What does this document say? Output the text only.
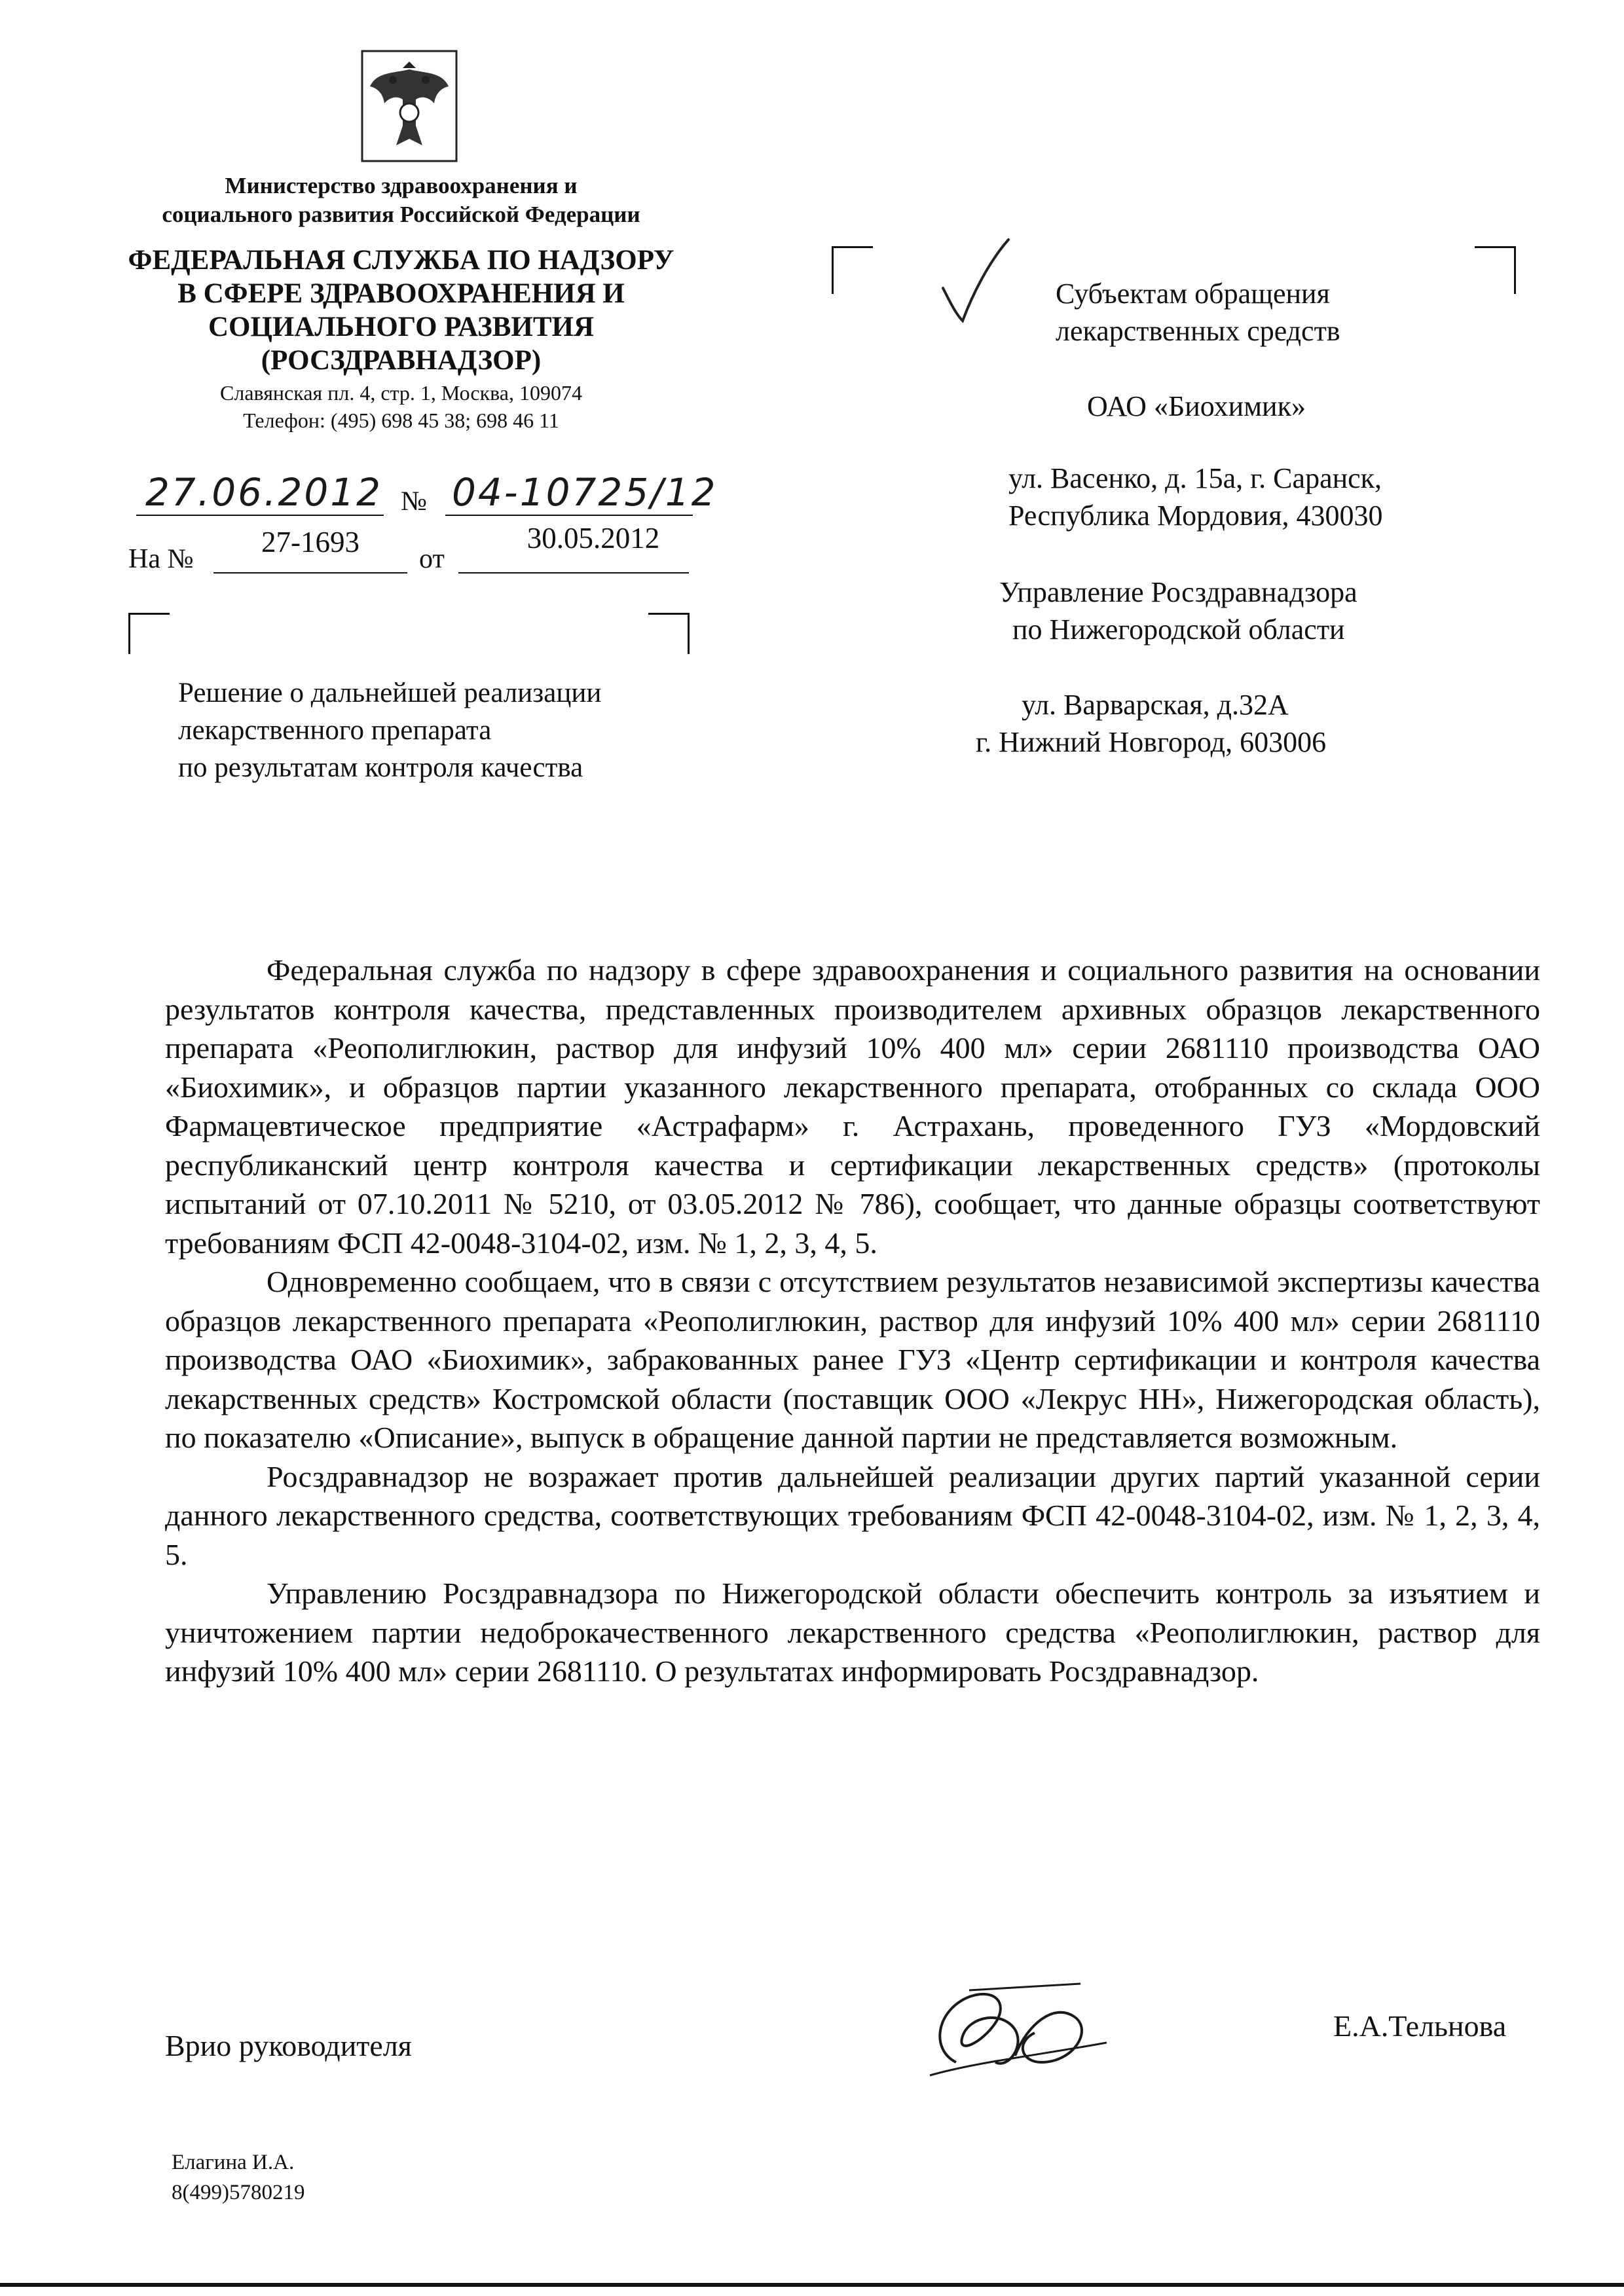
Министерство здравоохранения и
социального развития Российской Федерации
ФЕДЕРАЛЬНАЯ СЛУЖБА ПО НАДЗОРУ
В СФЕРЕ ЗДРАВООХРАНЕНИЯ И
СОЦИАЛЬНОГО РАЗВИТИЯ
(РОСЗДРАВНАДЗОР)
Славянская пл. 4, стр. 1, Москва, 109074
Телефон: (495) 698 45 38; 698 46 11
27.06.2012 № 04-10725/12
На №
27-1693
от
30.05.2012
Решение о дальнейшей реализации
лекарственного препарата
по результатам контроля качества
Субъектам обращения
лекарственных средств
ОАО «Биохимик»
ул. Васенко, д. 15а, г. Саранск,
Республика Мордовия, 430030
Управление Росздравнадзора
по Нижегородской области
ул. Варварская, д.32А
г. Нижний Новгород, 603006

Федеральная служба по надзору в сфере здравоохранения и социального развития на основании результатов контроля качества, представленных производителем архивных образцов лекарственного препарата «Реополиглюкин, раствор для инфузий 10% 400 мл» серии 2681110 производства ОАО «Биохимик», и образцов партии указанного лекарственного препарата, отобранных со склада ООО Фармацевтическое предприятие «Астрафарм» г. Астрахань, проведенного ГУЗ «Мордовский республиканский центр контроля качества и сертификации лекарственных средств» (протоколы испытаний от 07.10.2011 № 5210, от 03.05.2012 № 786), сообщает, что данные образцы соответствуют требованиям ФСП 42-0048-3104-02, изм. № 1, 2, 3, 4, 5.

Одновременно сообщаем, что в связи с отсутствием результатов независимой экспертизы качества образцов лекарственного препарата «Реополиглюкин, раствор для инфузий 10% 400 мл» серии 2681110 производства ОАО «Биохимик», забракованных ранее ГУЗ «Центр сертификации и контроля качества лекарственных средств» Костромской области (поставщик ООО «Лекрус НН», Нижегородская область), по показателю «Описание», выпуск в обращение данной партии не представляется возможным.

Росздравнадзор не возражает против дальнейшей реализации других партий указанной серии данного лекарственного средства, соответствующих требованиям ФСП 42-0048-3104-02, изм. № 1, 2, 3, 4, 5.

Управлению Росздравнадзора по Нижегородской области обеспечить контроль за изъятием и уничтожением партии недоброкачественного лекарственного средства «Реополиглюкин, раствор для инфузий 10% 400 мл» серии 2681110. О результатах информировать Росздравнадзор.

Врио руководителя
Е.А.Тельнова
Елагина И.А.
8(499)5780219
